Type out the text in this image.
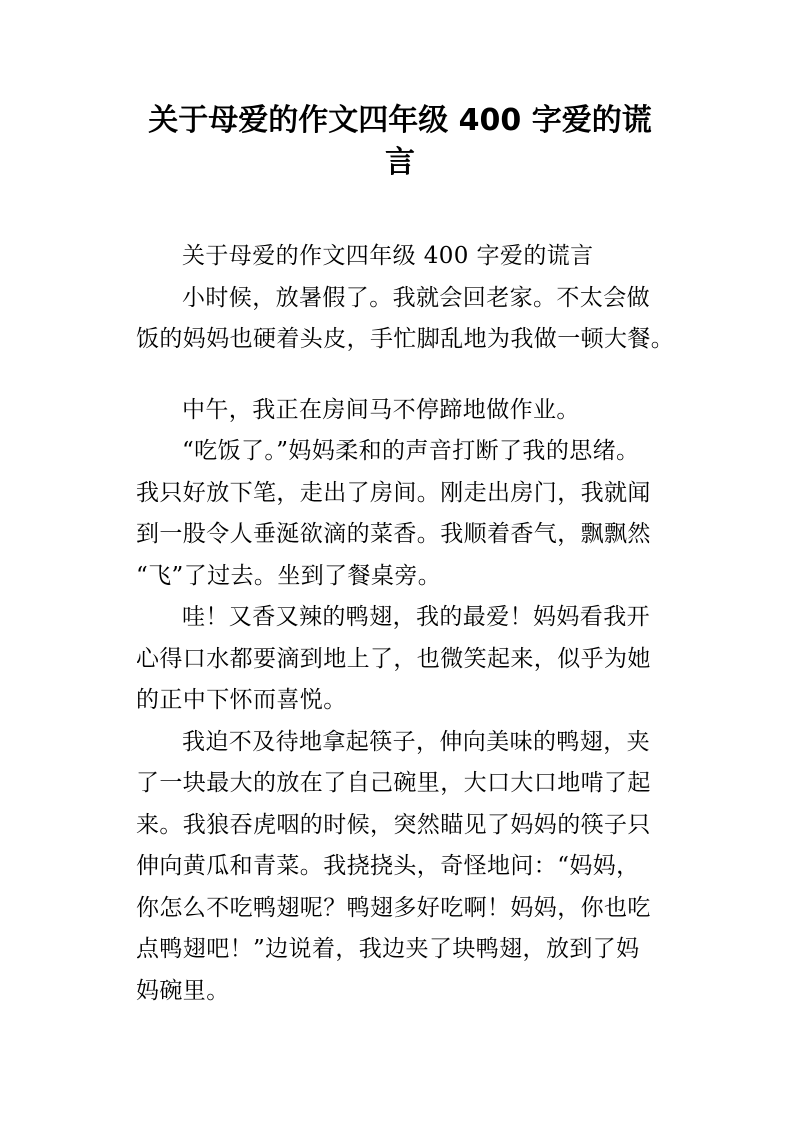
关于母爱的作文四年级 400 字爱的谎
言
关于母爱的作文四年级 400 字爱的谎言
小时候，放暑假了。我就会回老家。不太会做
饭的妈妈也硬着头皮，手忙脚乱地为我做一顿大餐。
中午，我正在房间马不停蹄地做作业。
“吃饭了。”妈妈柔和的声音打断了我的思绪。
我只好放下笔，走出了房间。刚走出房门，我就闻
到一股令人垂涎欲滴的菜香。我顺着香气，飘飘然
“飞”了过去。坐到了餐桌旁。
哇！又香又辣的鸭翅，我的最爱！妈妈看我开
心得口水都要滴到地上了，也微笑起来，似乎为她
的正中下怀而喜悦。
我迫不及待地拿起筷子，伸向美味的鸭翅，夹
了一块最大的放在了自己碗里，大口大口地啃了起
来。我狼吞虎咽的时候，突然瞄见了妈妈的筷子只
伸向黄瓜和青菜。我挠挠头，奇怪地问：“妈妈，
你怎么不吃鸭翅呢？鸭翅多好吃啊！妈妈，你也吃
点鸭翅吧！”边说着，我边夹了块鸭翅，放到了妈
妈碗里。
